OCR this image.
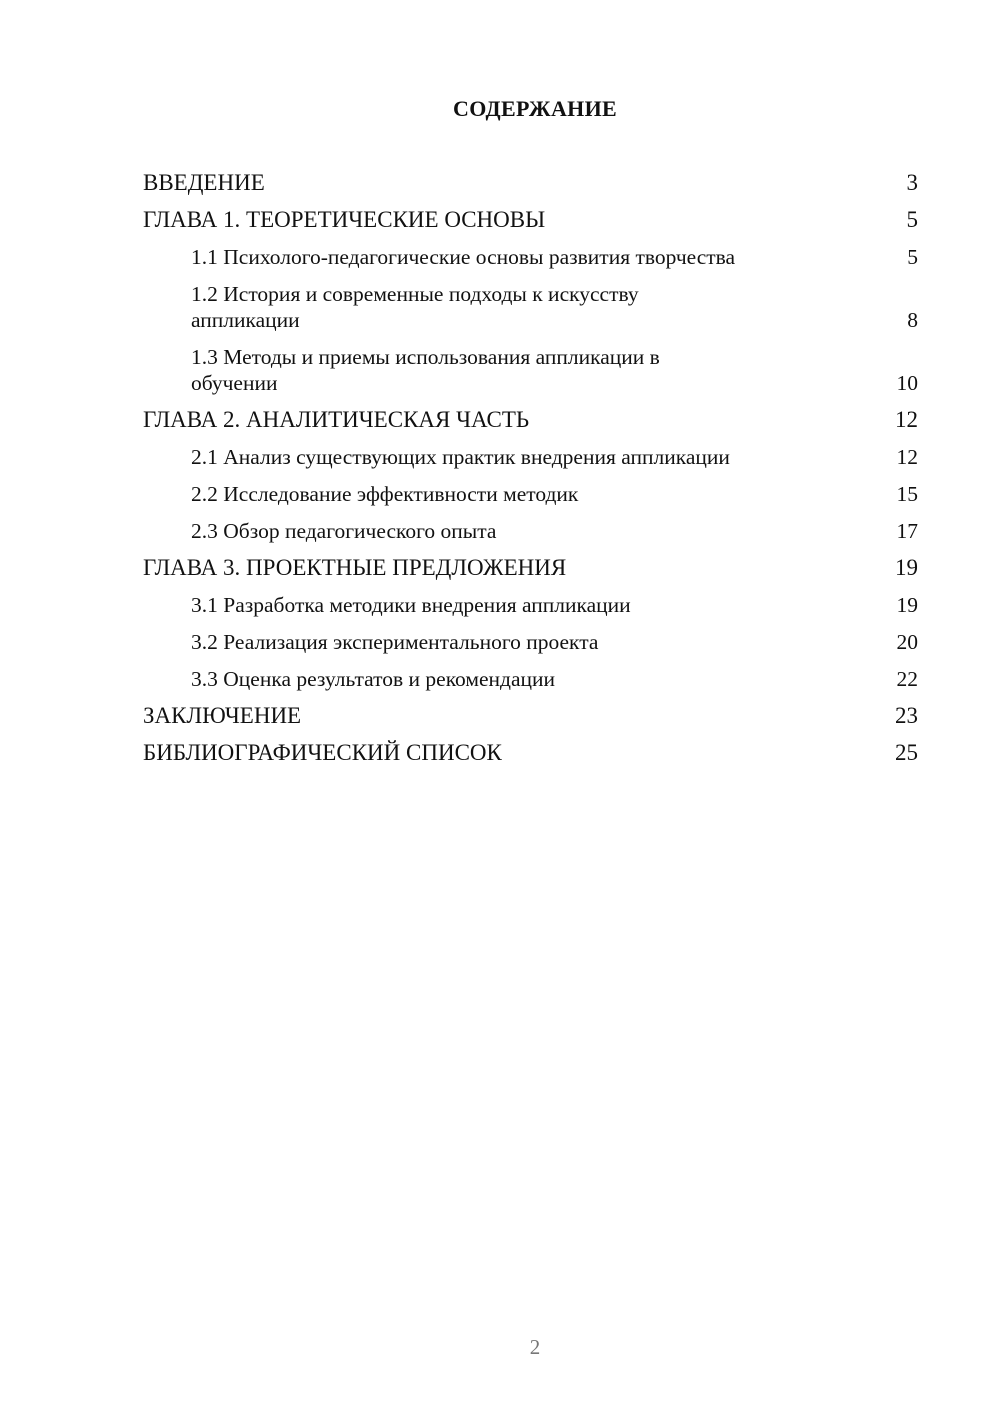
СОДЕРЖАНИЕ
ВВЕДЕНИЕ	3
ГЛАВА 1. ТЕОРЕТИЧЕСКИЕ ОСНОВЫ	5
1.1 Психолого-педагогические основы развития творчества	5
1.2 История и современные подходы к искусству аппликации	8
1.3 Методы и приемы использования аппликации в обучении	10
ГЛАВА 2. АНАЛИТИЧЕСКАЯ ЧАСТЬ	12
2.1 Анализ существующих практик внедрения аппликации	12
2.2 Исследование эффективности методик	15
2.3 Обзор педагогического опыта	17
ГЛАВА 3. ПРОЕКТНЫЕ ПРЕДЛОЖЕНИЯ	19
3.1 Разработка методики внедрения аппликации	19
3.2 Реализация экспериментального проекта	20
3.3 Оценка результатов и рекомендации	22
ЗАКЛЮЧЕНИЕ	23
БИБЛИОГРАФИЧЕСКИЙ СПИСОК	25
2
